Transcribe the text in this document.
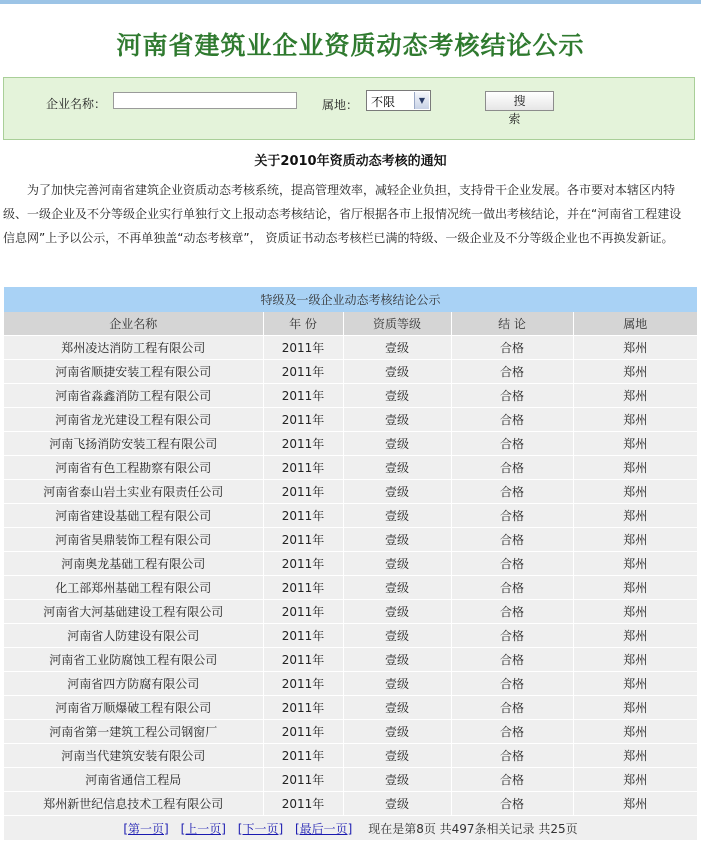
河南省建筑业企业资质动态考核结论公示
企业名称：	属地： 不限	▼	搜 索
关于2010年资质动态考核的通知
为了加快完善河南省建筑企业资质动态考核系统，提高管理效率，减轻企业负担，支持骨干企业发展。各市要对本辖区内特级、一级企业及不分等级企业实行单独行文上报动态考核结论，省厅根据各市上报情况统一做出考核结论，并在“河南省工程建设信息网”上予以公示，不再单独盖“动态考核章”， 资质证书动态考核栏已满的特级、一级企业及不分等级企业也不再换发新证。
特级及一级企业动态考核结论公示				
企业名称	年 份	资质等级	结 论	属地
郑州凌达消防工程有限公司	2011年	壹级	合格	郑州
河南省顺捷安装工程有限公司	2011年	壹级	合格	郑州
河南省淼鑫消防工程有限公司	2011年	壹级	合格	郑州
河南省龙光建设工程有限公司	2011年	壹级	合格	郑州
河南飞扬消防安装工程有限公司	2011年	壹级	合格	郑州
河南省有色工程勘察有限公司	2011年	壹级	合格	郑州
河南省泰山岩土实业有限责任公司	2011年	壹级	合格	郑州
河南省建设基础工程有限公司	2011年	壹级	合格	郑州
河南省昊鼎装饰工程有限公司	2011年	壹级	合格	郑州
河南奥龙基础工程有限公司	2011年	壹级	合格	郑州
化工部郑州基础工程有限公司	2011年	壹级	合格	郑州
河南省大河基础建设工程有限公司	2011年	壹级	合格	郑州
河南省人防建设有限公司	2011年	壹级	合格	郑州
河南省工业防腐蚀工程有限公司	2011年	壹级	合格	郑州
河南省四方防腐有限公司	2011年	壹级	合格	郑州
河南省万顺爆破工程有限公司	2011年	壹级	合格	郑州
河南省第一建筑工程公司钢窗厂	2011年	壹级	合格	郑州
河南当代建筑安装有限公司	2011年	壹级	合格	郑州
河南省通信工程局	2011年	壹级	合格	郑州
郑州新世纪信息技术工程有限公司	2011年	壹级	合格	郑州
[第一页] [上一页] [下一页] [最后一页] 现在是第8页 共497条相关记录 共25页				
